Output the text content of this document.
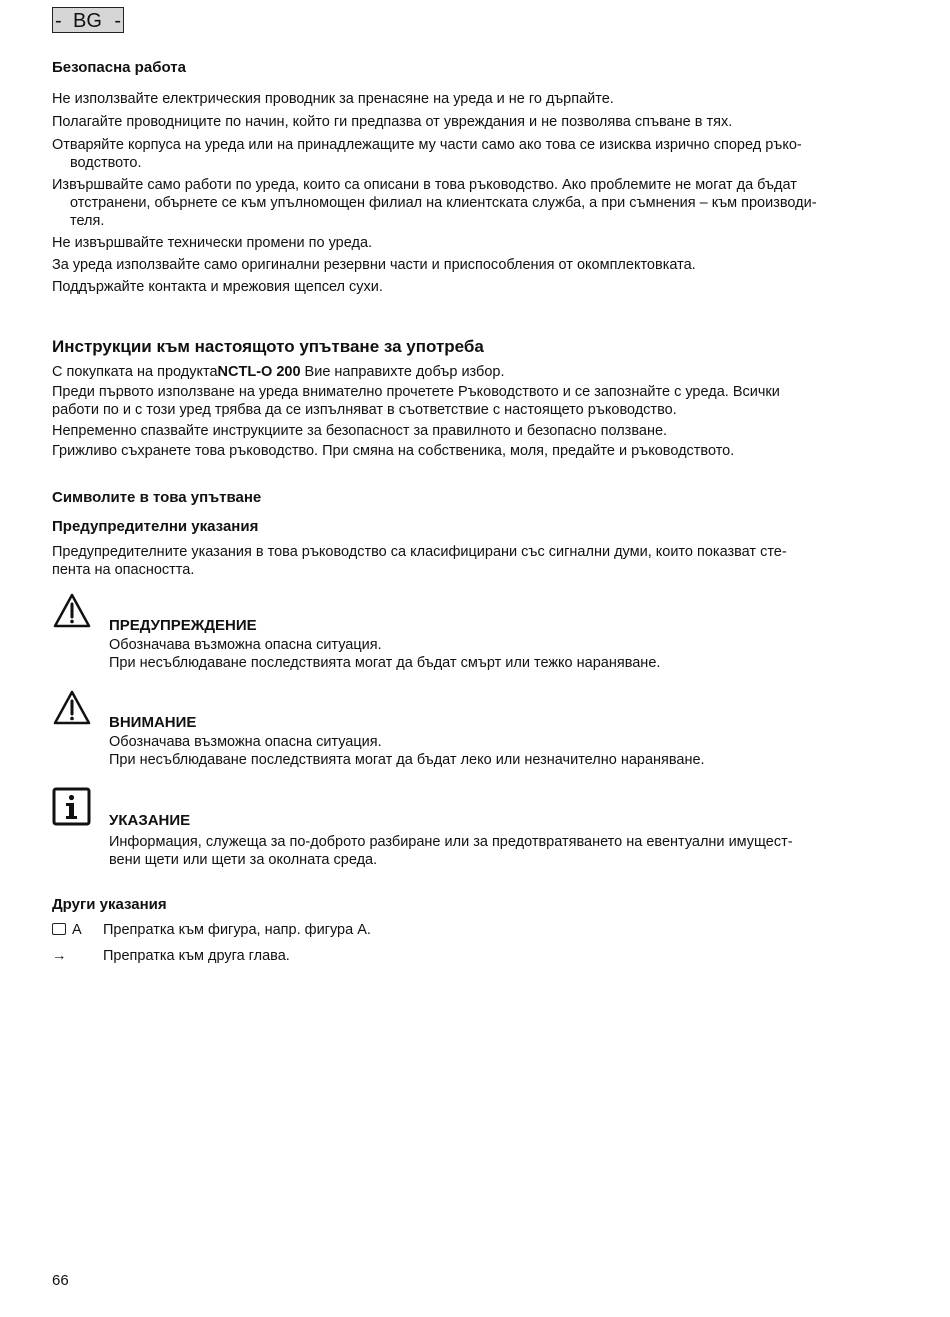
- BG -
Безопасна работа
Не използвайте електрическия проводник за пренасяне на уреда и не го дърпайте.
Полагайте проводниците по начин, който ги предпазва от увреждания и не позволява спъване в тях.
Отваряйте корпуса на уреда или на принадлежащите му части само ако това се изисква изрично според ръко-
водството.
Извършвайте само работи по уреда, които са описани в това ръководство. Ако проблемите не могат да бъдат
отстранени, обърнете се към упълномощен филиал на клиентската служба, а при съмнения – към производи-
теля.
Не извършвайте технически промени по уреда.
За уреда използвайте само оригинални резервни части и приспособления от окомплектовката.
Поддържайте контакта и мрежовия щепсел сухи.
Инструкции към настоящото упътване за употреба
С покупката на продуктаNCTL-O 200 Вие направихте добър избор.
Преди първото използване на уреда внимателно прочетете Ръководството и се запознайте с уреда. Всички
работи по и с този уред трябва да се изпълняват в съответствие с настоящето ръководство.
Непременно спазвайте инструкциите за безопасност за правилното и безопасно ползване.
Грижливо съхранете това ръководство. При смяна на собственика, моля, предайте и ръководството.
Символите в това упътване
Предупредителни указания
Предупредителните указания в това ръководство са класифицирани със сигнални думи, които показват сте-
пента на опасността.
ПРЕДУПРЕЖДЕНИЕ
Обозначава възможна опасна ситуация.
При несъблюдаване последствията могат да бъдат смърт или тежко нараняване.
ВНИМАНИЕ
Обозначава възможна опасна ситуация.
При несъблюдаване последствията могат да бъдат леко или незначително нараняване.
УКАЗАНИЕ
Информация, служеща за по-доброто разбиране или за предотвратяването на евентуални имущест-
вени щети или щети за околната среда.
Други указания
A Препратка към фигура, напр. фигура A.
→	Препратка към друга глава.
66
